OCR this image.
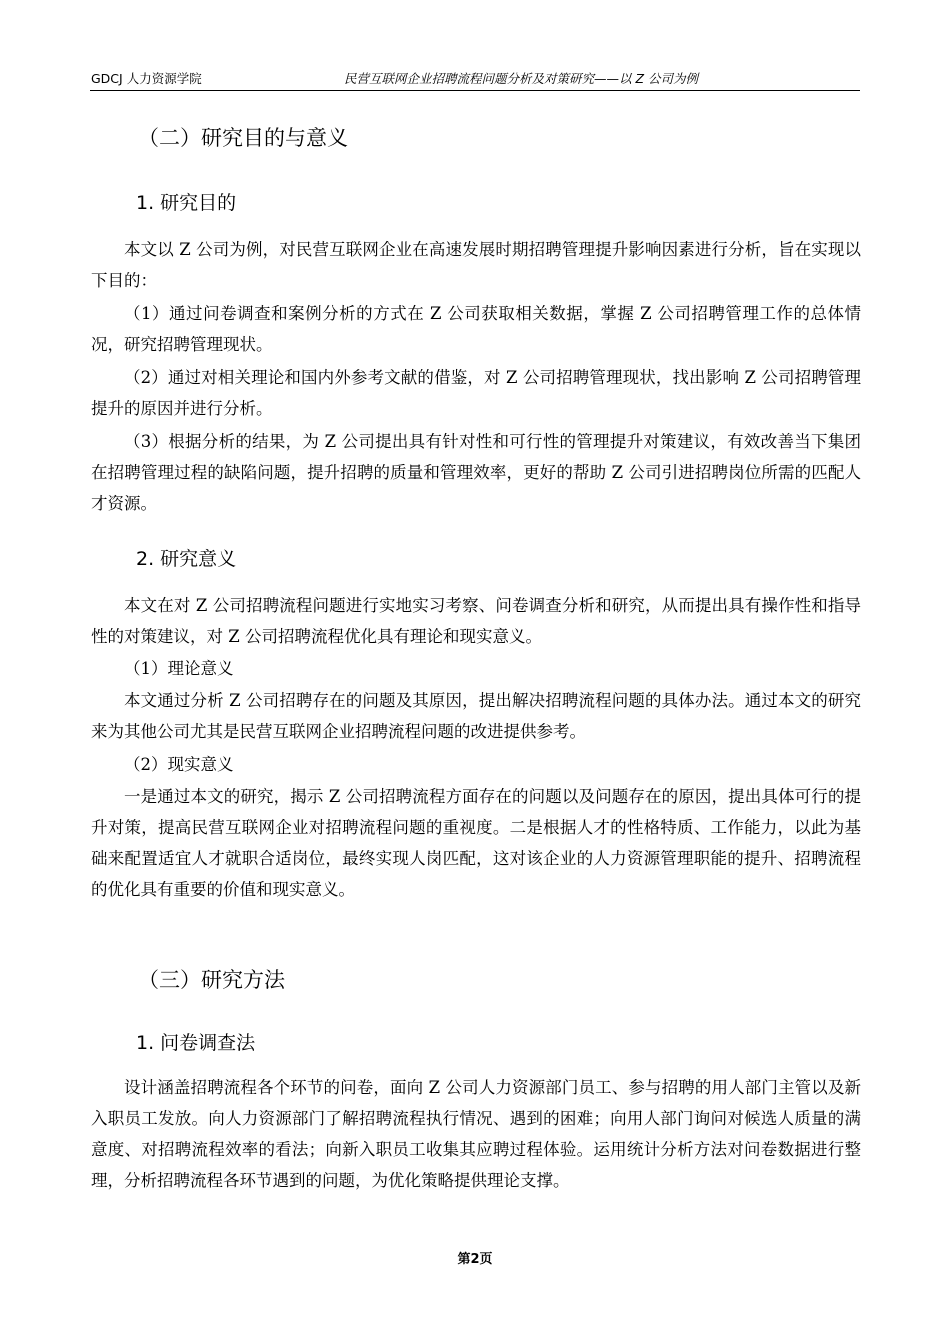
GDCJ 人力资源学院	民营互联网企业招聘流程问题分析及对策研究——以 Z 公司为例
（二）研究目的与意义
1. 研究目的

本文以 Z 公司为例，对民营互联网企业在高速发展时期招聘管理提升影响因素进行分析，旨在实现以下目的：

（1）通过问卷调查和案例分析的方式在 Z 公司获取相关数据，掌握 Z 公司招聘管理工作的总体情况，研究招聘管理现状。

（2）通过对相关理论和国内外参考文献的借鉴，对 Z 公司招聘管理现状，找出影响 Z 公司招聘管理提升的原因并进行分析。

（3）根据分析的结果，为 Z 公司提出具有针对性和可行性的管理提升对策建议，有效改善当下集团在招聘管理过程的缺陷问题，提升招聘的质量和管理效率，更好的帮助 Z 公司引进招聘岗位所需的匹配人才资源。

2. 研究意义

本文在对 Z 公司招聘流程问题进行实地实习考察、问卷调查分析和研究，从而提出具有操作性和指导性的对策建议，对 Z 公司招聘流程优化具有理论和现实意义。

（1）理论意义

本文通过分析 Z 公司招聘存在的问题及其原因，提出解决招聘流程问题的具体办法。通过本文的研究来为其他公司尤其是民营互联网企业招聘流程问题的改进提供参考。

（2）现实意义

一是通过本文的研究，揭示 Z 公司招聘流程方面存在的问题以及问题存在的原因，提出具体可行的提升对策，提高民营互联网企业对招聘流程问题的重视度。二是根据人才的性格特质、工作能力，以此为基础来配置适宜人才就职合适岗位，最终实现人岗匹配，这对该企业的人力资源管理职能的提升、招聘流程的优化具有重要的价值和现实意义。

（三）研究方法
1. 问卷调查法

设计涵盖招聘流程各个环节的问卷，面向 Z 公司人力资源部门员工、参与招聘的用人部门主管以及新入职员工发放。向人力资源部门了解招聘流程执行情况、遇到的困难；向用人部门询问对候选人质量的满意度、对招聘流程效率的看法；向新入职员工收集其应聘过程体验。运用统计分析方法对问卷数据进行整理，分析招聘流程各环节遇到的问题，为优化策略提供理论支撑。

第2页
